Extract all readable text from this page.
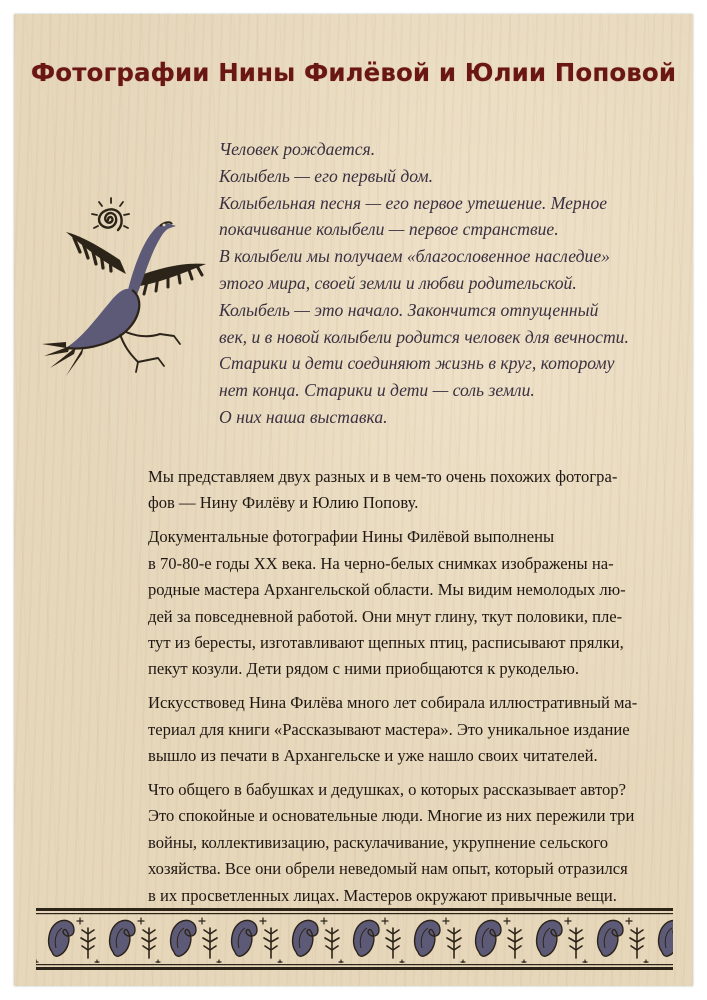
Фотографии Нины Филёвой и Юлии Поповой
Человек рождается.
Колыбель — его первый дом.
Колыбельная песня — его первое утешение. Мерное
покачивание колыбели — первое странствие.
В колыбели мы получаем «благословенное наследие»
этого мира, своей земли и любви родительской.
Колыбель — это начало. Закончится отпущенный
век, и в новой колыбели родится человек для вечности.
Старики и дети соединяют жизнь в круг, которому
нет конца. Старики и дети — соль земли.
О них наша выставка.

Мы представляем двух разных и в чем-то очень похожих фотогра-
фов — Нину Филёву и Юлию Попову.

Документальные фотографии Нины Филёвой выполнены
в 70-80-е годы XX века. На черно-белых снимках изображены на-
родные мастера Архангельской области. Мы видим немолодых лю-
дей за повседневной работой. Они мнут глину, ткут половики, пле-
тут из бересты, изготавливают щепных птиц, расписывают прялки,
пекут козули. Дети рядом с ними приобщаются к рукоделью.

Искусствовед Нина Филёва много лет собирала иллюстративный ма-
териал для книги «Рассказывают мастера». Это уникальное издание
вышло из печати в Архангельске и уже нашло своих читателей.

Что общего в бабушках и дедушках, о которых рассказывает автор?
Это спокойные и основательные люди. Многие из них пережили три
войны, коллективизацию, раскулачивание, укрупнение сельского
хозяйства. Все они обрели неведомый нам опыт, который отразился
в их просветленных лицах. Мастеров окружают привычные вещи.
